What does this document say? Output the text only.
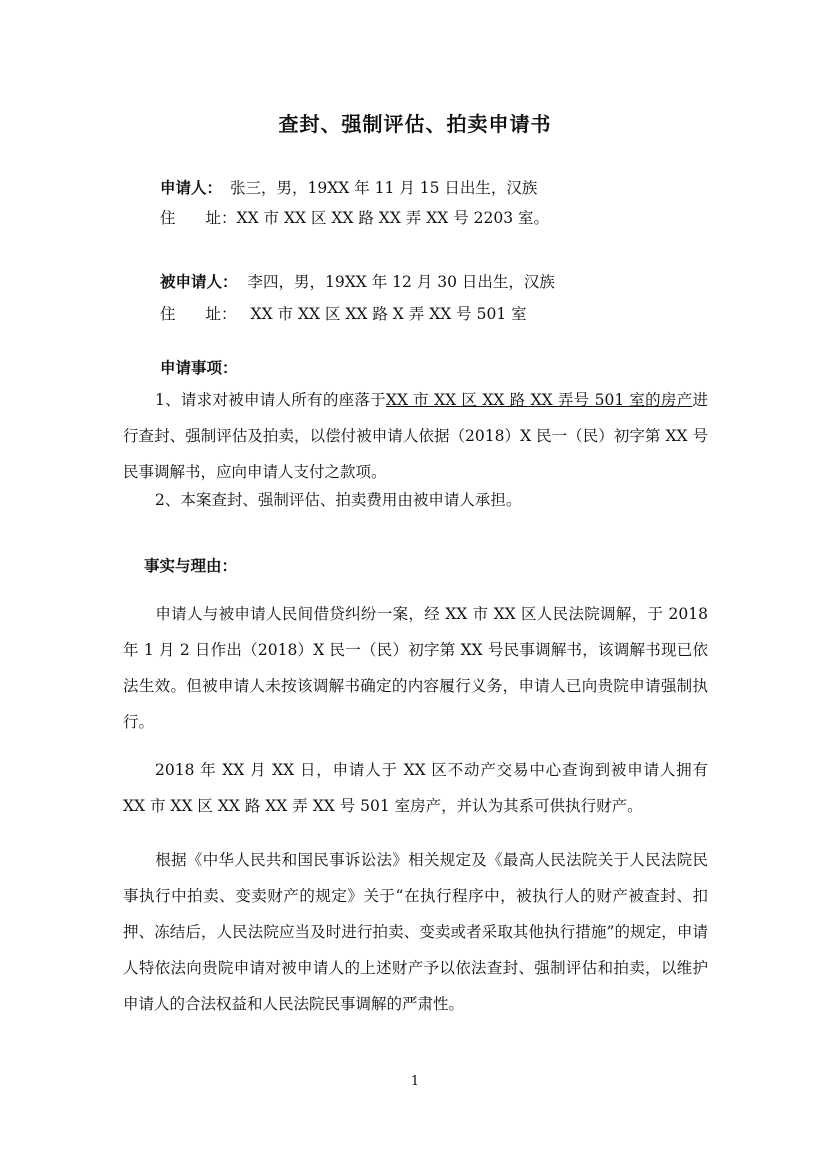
查封、强制评估、拍卖申请书
申请人： 张三，男，19XX 年 11 月 15 日出生，汉族
住 址：XX 市 XX 区 XX 路 XX 弄 XX 号 2203 室。
被申请人： 李四，男，19XX 年 12 月 30 日出生，汉族
住 址： XX 市 XX 区 XX 路 X 弄 XX 号 501 室
申请事项：

1、请求对被申请人所有的座落于XX 市 XX 区 XX 路 XX 弄号 501 室的房产进行查封、强制评估及拍卖，以偿付被申请人依据（2018）X 民一（民）初字第 XX 号民事调解书，应向申请人支付之款项。

2、本案查封、强制评估、拍卖费用由被申请人承担。

事实与理由：

申请人与被申请人民间借贷纠纷一案，经 XX 市 XX 区人民法院调解，于 2018 年 1 月 2 日作出（2018）X 民一（民）初字第 XX 号民事调解书，该调解书现已依法生效。但被申请人未按该调解书确定的内容履行义务，申请人已向贵院申请强制执行。

2018 年 XX 月 XX 日，申请人于 XX 区不动产交易中心查询到被申请人拥有 XX 市 XX 区 XX 路 XX 弄 XX 号 501 室房产，并认为其系可供执行财产。

根据《中华人民共和国民事诉讼法》相关规定及《最高人民法院关于人民法院民事执行中拍卖、变卖财产的规定》关于“在执行程序中，被执行人的财产被查封、扣押、冻结后，人民法院应当及时进行拍卖、变卖或者采取其他执行措施”的规定，申请人特依法向贵院申请对被申请人的上述财产予以依法查封、强制评估和拍卖，以维护申请人的合法权益和人民法院民事调解的严肃性。

1
